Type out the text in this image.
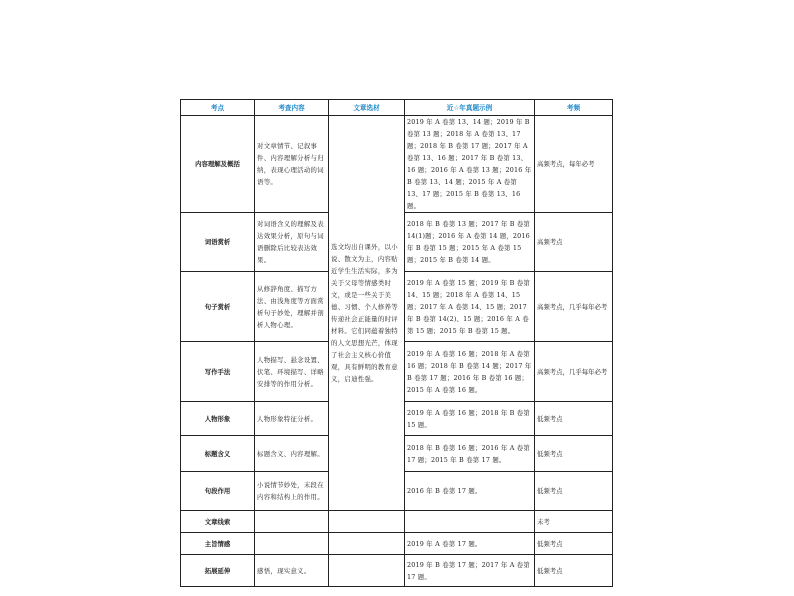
考点	考查内容	文章选材	近☆年真题示例	考频
内容理解及概括	对文章情节、记叙事件、内容理解分析与归纳，表现心理活动的词语等。	选文均出自课外，以小说、散文为主，内容贴近学生生活实际，多为关于父母等情感类时文，或是一些关于美德、习惯、个人修养等传递社会正能量的时评材料。它们同蕴着独特的人文思想光芒，体现了社会主义核心价值观，具有鲜明的教育意义，启迪性强。	2019 年 A 卷第 13、14 题；2019 年 B 卷第 13 题；2018 年 A 卷第 13、17 题；2018 年 B 卷第 17 题；2017 年 A 卷第 13、16 题；2017 年 B 卷第 13、16 题；2016 年 A 卷第 13 题；2016 年 B 卷第 13、14 题；2015 年 A 卷第 13、17 题；2015 年 B 卷第 13、16 题。	高频考点，每年必考
词语赏析	对词语含义的理解及表达效果分析，原句与词语删除后比较表达效果。		2018 年 B 卷第 13 题；2017 年 B 卷第 14(1)题；2016 年 A 卷第 14 题，2016 年 B 卷第 15 题；2015 年 A 卷第 15 题；2015 年 B 卷第 14 题。	高频考点
句子赏析	从修辞角度、描写方法、由浅角度等方面赏析句子妙处，理解并剖析人物心理。		2019 年 A 卷第 15 题；2019 年 B 卷第 14、15 题；2018 年 A 卷第 14、15 题；2017 年 A 卷第 14、15 题；2017 年 B 卷第 14(2)、15 题；2016 年 A 卷第 15 题；2015 年 B 卷第 15 题。	高频考点，几乎每年必考
写作手法	人物描写、悬念设置、伏笔、环境描写、详略安排等的作用分析。		2019 年 A 卷第 16 题；2018 年 A 卷第 16 题；2018 年 B 卷第 14 题；2017 年 B 卷第 17 题；2016 年 B 卷第 16 题；2015 年 A 卷第 16 题。	高频考点，几乎每年必考
人物形象	人物形象特征分析。		2019 年 A 卷第 16 题；2018 年 B 卷第 15 题。	低频考点
标题含义	标题含义、内容理解。		2018 年 B 卷第 16 题；2016 年 A 卷第 17 题；2015 年 B 卷第 17 题。	低频考点
句段作用	小说情节妙处，末段在内容和结构上的作用。		2016 年 B 卷第 17 题。	低频考点
文章线索				未考
主旨情感			2019 年 A 卷第 17 题。	低频考点
拓展延伸	感悟，现实意义。		2019 年 B 卷第 17 题；2017 年 A 卷第 17 题。	低频考点
